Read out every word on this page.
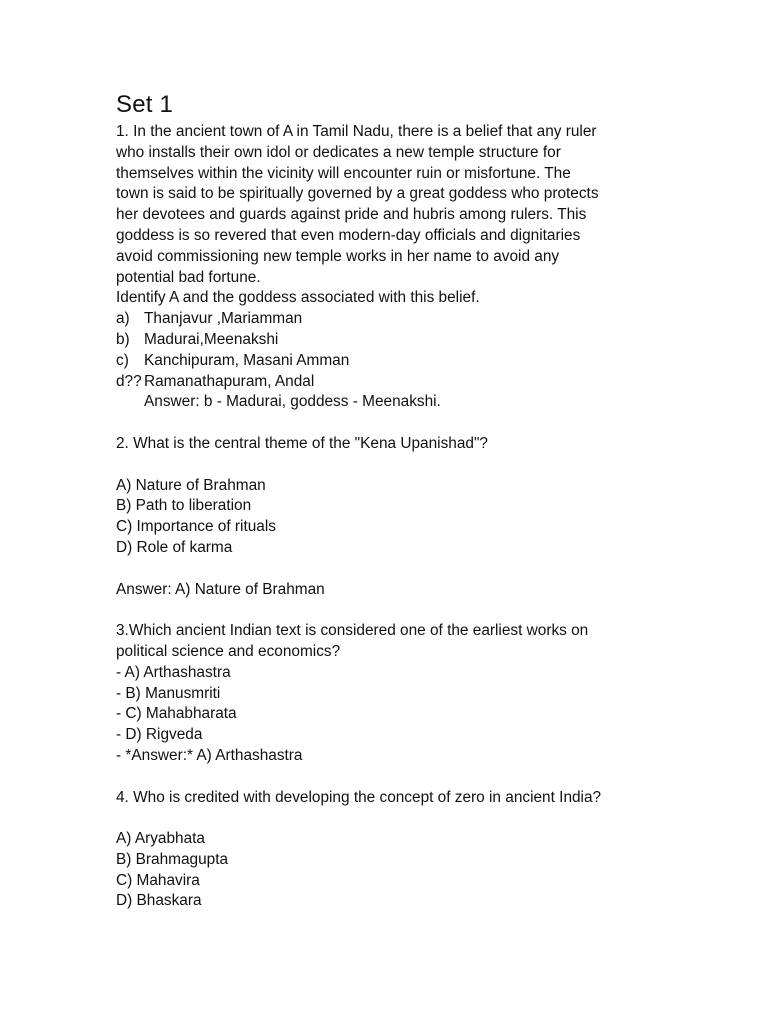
Set 1
1. In the ancient town of A in Tamil Nadu, there is a belief that any ruler
who installs their own idol or dedicates a new temple structure for
themselves within the vicinity will encounter ruin or misfortune. The
town is said to be spiritually governed by a great goddess who protects
her devotees and guards against pride and hubris among rulers. This
goddess is so revered that even modern-day officials and dignitaries
avoid commissioning new temple works in her name to avoid any
potential bad fortune.
Identify A and the goddess associated with this belief.
a) Thanjavur ,Mariamman
b) Madurai,Meenakshi
c) Kanchipuram, Masani Amman
d?? Ramanathapuram, Andal
Answer: b - Madurai, goddess - Meenakshi.
2. What is the central theme of the "Kena Upanishad"?
A) Nature of Brahman
B) Path to liberation
C) Importance of rituals
D) Role of karma
Answer: A) Nature of Brahman
3.Which ancient Indian text is considered one of the earliest works on
political science and economics?
- A) Arthashastra
- B) Manusmriti
- C) Mahabharata
- D) Rigveda
- *Answer:* A) Arthashastra
4. Who is credited with developing the concept of zero in ancient India?
A) Aryabhata
B) Brahmagupta
C) Mahavira
D) Bhaskara
